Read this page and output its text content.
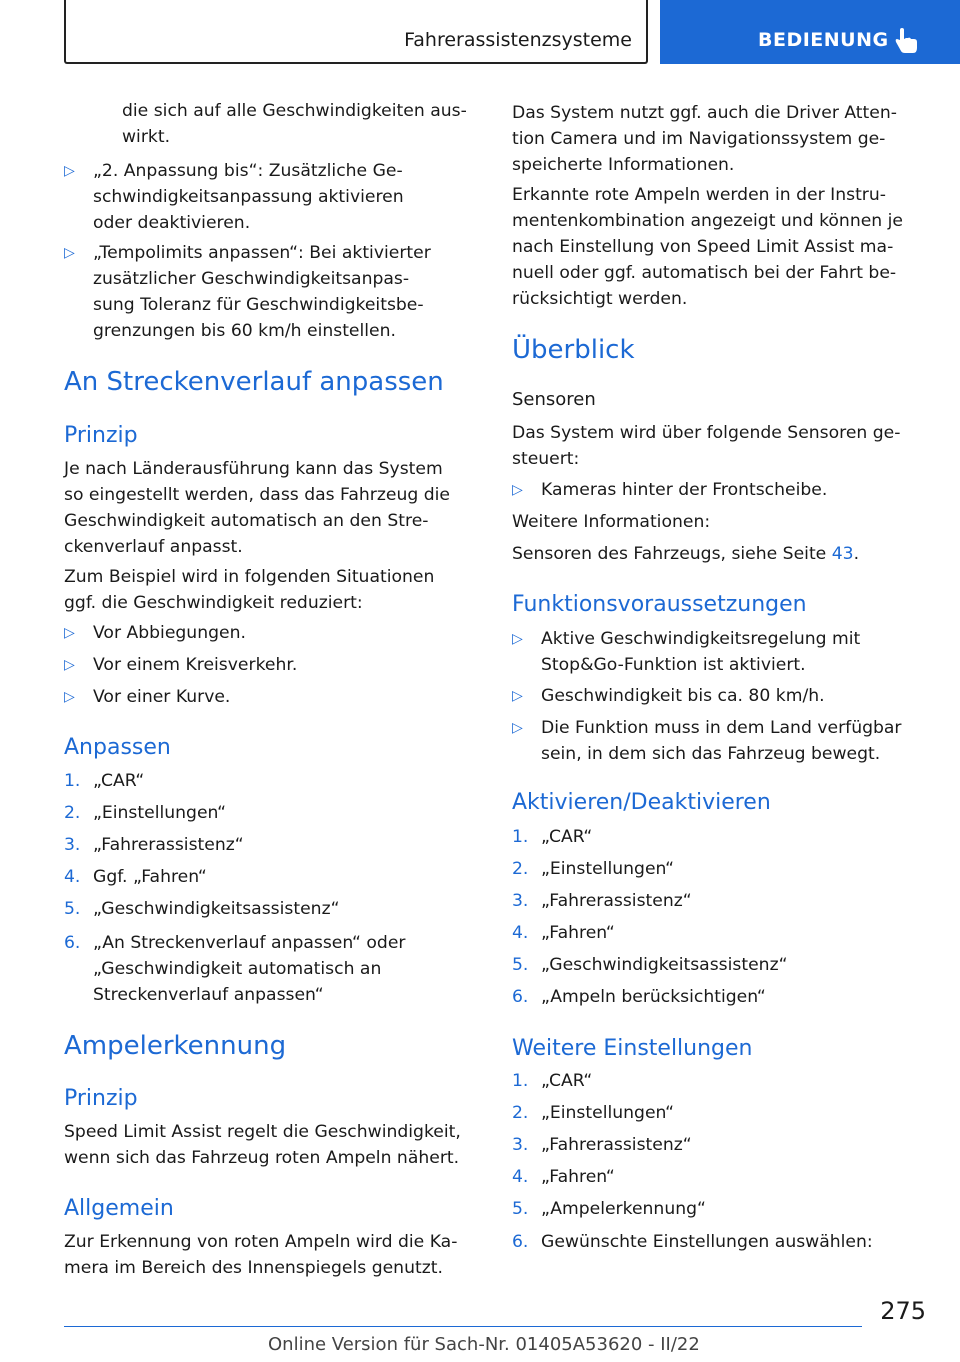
Fahrerassistenzsysteme	BEDIENUNG

die sich auf alle Geschwindigkeiten aus-
wirkt.

▷ „2. Anpassung bis“: Zusätzliche Ge-
schwindigkeitsanpassung aktivieren
oder deaktivieren.
▷ „Tempolimits anpassen“: Bei aktivierter
zusätzlicher Geschwindigkeitsanpas-
sung Toleranz für Geschwindigkeitsbe-
grenzungen bis 60 km/h einstellen.
An Streckenverlauf anpassen
Prinzip

Je nach Länderausführung kann das System
so eingestellt werden, dass das Fahrzeug die
Geschwindigkeit automatisch an den Stre-
ckenverlauf anpasst.

Zum Beispiel wird in folgenden Situationen
ggf. die Geschwindigkeit reduziert:

▷ Vor Abbiegungen.
▷ Vor einem Kreisverkehr.
▷ Vor einer Kurve.
Anpassen
1. „CAR“
2. „Einstellungen“
3. „Fahrerassistenz“
4. Ggf. „Fahren“
5. „Geschwindigkeitsassistenz“
6. „An Streckenverlauf anpassen“ oder
„Geschwindigkeit automatisch an
Streckenverlauf anpassen“
Ampelerkennung
Prinzip

Speed Limit Assist regelt die Geschwindigkeit,
wenn sich das Fahrzeug roten Ampeln nähert.

Allgemein

Zur Erkennung von roten Ampeln wird die Ka-
mera im Bereich des Innenspiegels genutzt.

Das System nutzt ggf. auch die Driver Atten-
tion Camera und im Navigationssystem ge-
speicherte Informationen.

Erkannte rote Ampeln werden in der Instru-
mentenkombination angezeigt und können je
nach Einstellung von Speed Limit Assist ma-
nuell oder ggf. automatisch bei der Fahrt be-
rücksichtigt werden.

Überblick
Sensoren

Das System wird über folgende Sensoren ge-
steuert:

▷ Kameras hinter der Frontscheibe.

Weitere Informationen:

Sensoren des Fahrzeugs, siehe Seite 43.

Funktionsvoraussetzungen
▷ Aktive Geschwindigkeitsregelung mit
Stop&Go-Funktion ist aktiviert.
▷ Geschwindigkeit bis ca. 80 km/h.
▷ Die Funktion muss in dem Land verfügbar
sein, in dem sich das Fahrzeug bewegt.
Aktivieren/Deaktivieren
1. „CAR“
2. „Einstellungen“
3. „Fahrerassistenz“
4. „Fahren“
5. „Geschwindigkeitsassistenz“
6. „Ampeln berücksichtigen“
Weitere Einstellungen
1. „CAR“
2. „Einstellungen“
3. „Fahrerassistenz“
4. „Fahren“
5. „Ampelerkennung“
6. Gewünschte Einstellungen auswählen:
275
Online Version für Sach-Nr. 01405A53620 - II/22
